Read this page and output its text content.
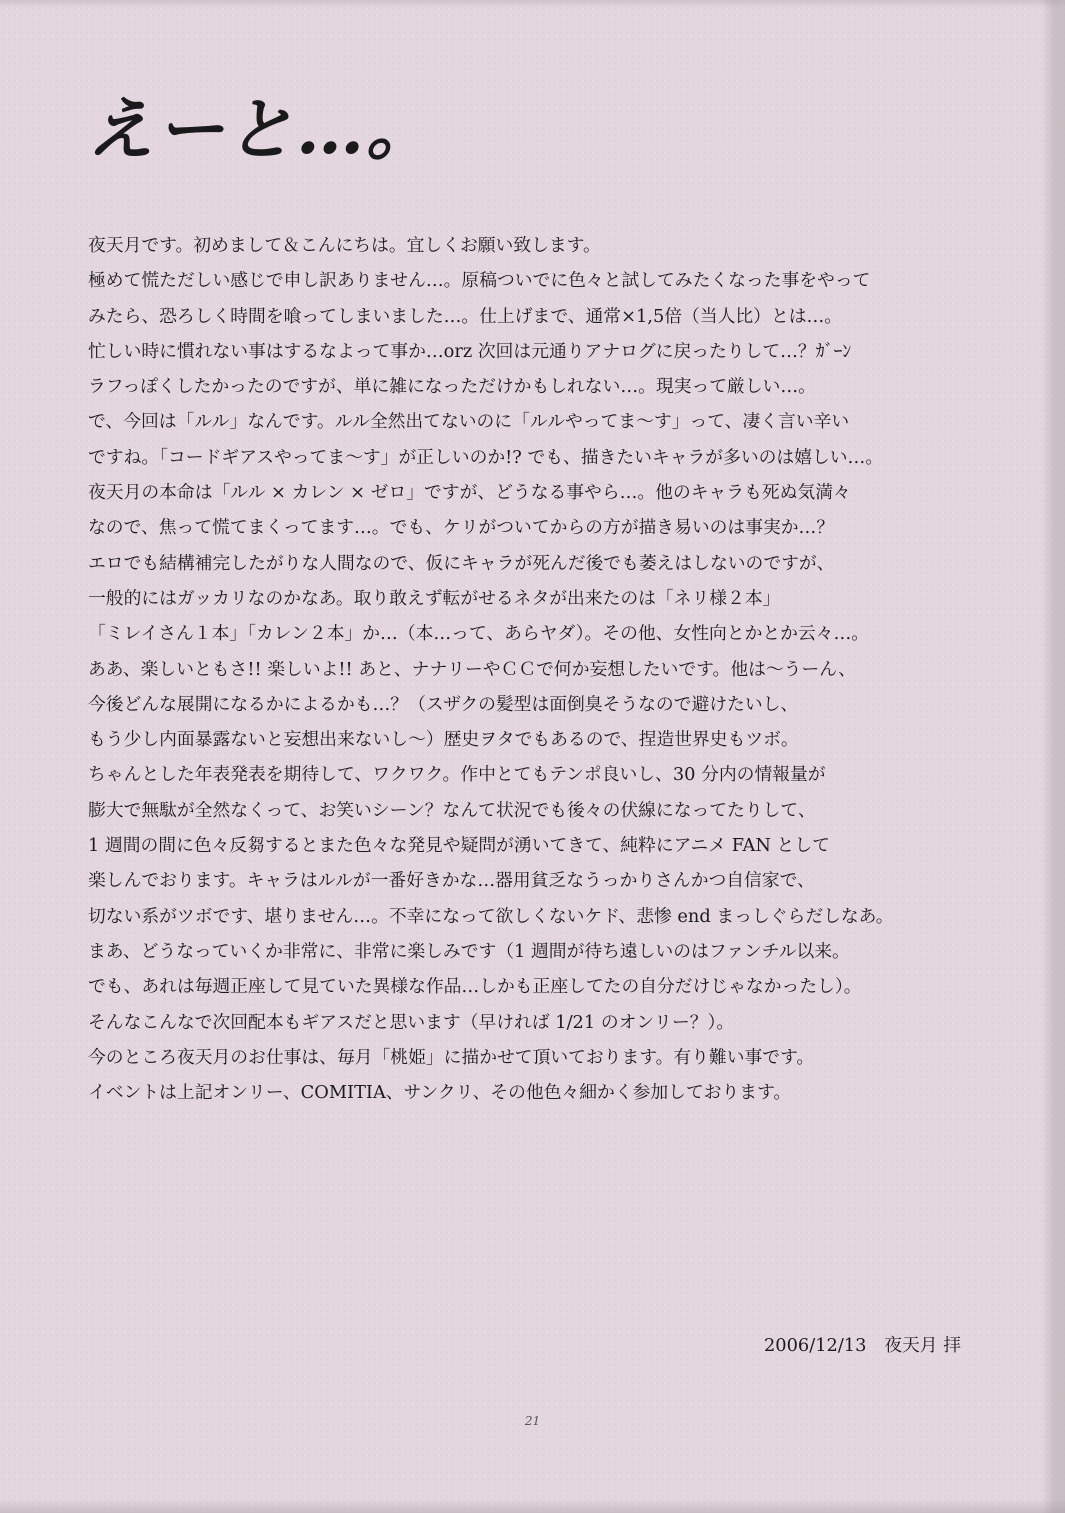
えーと…。
夜天月です。初めまして＆こんにちは。宜しくお願い致します。
極めて慌ただしい感じで申し訳ありません…。原稿ついでに色々と試してみたくなった事をやって
みたら、恐ろしく時間を喰ってしまいました…。仕上げまで、通常×1,5倍（当人比）とは…。
忙しい時に慣れない事はするなよって事か…orz 次回は元通りアナログに戻ったりして…？ｶﾞｰﾝ
ラフっぽくしたかったのですが、単に雑になっただけかもしれない…。現実って厳しい…。
で、今回は「ルル」なんです。ルル全然出てないのに「ルルやってま〜す」って、凄く言い辛い
ですね。「コードギアスやってま〜す」が正しいのか!? でも、描きたいキャラが多いのは嬉しい…。
夜天月の本命は「ルル × カレン × ゼロ」ですが、どうなる事やら…。他のキャラも死ぬ気満々
なので、焦って慌てまくってます…。でも、ケリがついてからの方が描き易いのは事実か…？
エロでも結構補完したがりな人間なので、仮にキャラが死んだ後でも萎えはしないのですが、
一般的にはガッカリなのかなあ。取り敢えず転がせるネタが出来たのは「ネリ様２本」
「ミレイさん１本」「カレン２本」か…（本…って、あらヤダ）。その他、女性向とかとか云々…。
ああ、楽しいともさ!! 楽しいよ!! あと、ナナリーやＣＣで何か妄想したいです。他は〜うーん、
今後どんな展開になるかによるかも…？（スザクの髪型は面倒臭そうなので避けたいし、
もう少し内面暴露ないと妄想出来ないし〜）歴史ヲタでもあるので、捏造世界史もツボ。
ちゃんとした年表発表を期待して、ワクワク。作中とてもテンポ良いし、30 分内の情報量が
膨大で無駄が全然なくって、お笑いシーン？なんて状況でも後々の伏線になってたりして、
1 週間の間に色々反芻するとまた色々な発見や疑問が湧いてきて、純粋にアニメ FAN として
楽しんでおります。キャラはルルが一番好きかな…器用貧乏なうっかりさんかつ自信家で、
切ない系がツボです、堪りません…。不幸になって欲しくないケド、悲惨 end まっしぐらだしなあ。
まあ、どうなっていくか非常に、非常に楽しみです（1 週間が待ち遠しいのはファンチル以来。
でも、あれは毎週正座して見ていた異様な作品…しかも正座してたの自分だけじゃなかったし）。
そんなこんなで次回配本もギアスだと思います（早ければ 1/21 のオンリー？）。
今のところ夜天月のお仕事は、毎月「桃姫」に描かせて頂いております。有り難い事です。
イベントは上記オンリー、COMITIA、サンクリ、その他色々細かく参加しております。
2006/12/13　夜天月 拝
21
